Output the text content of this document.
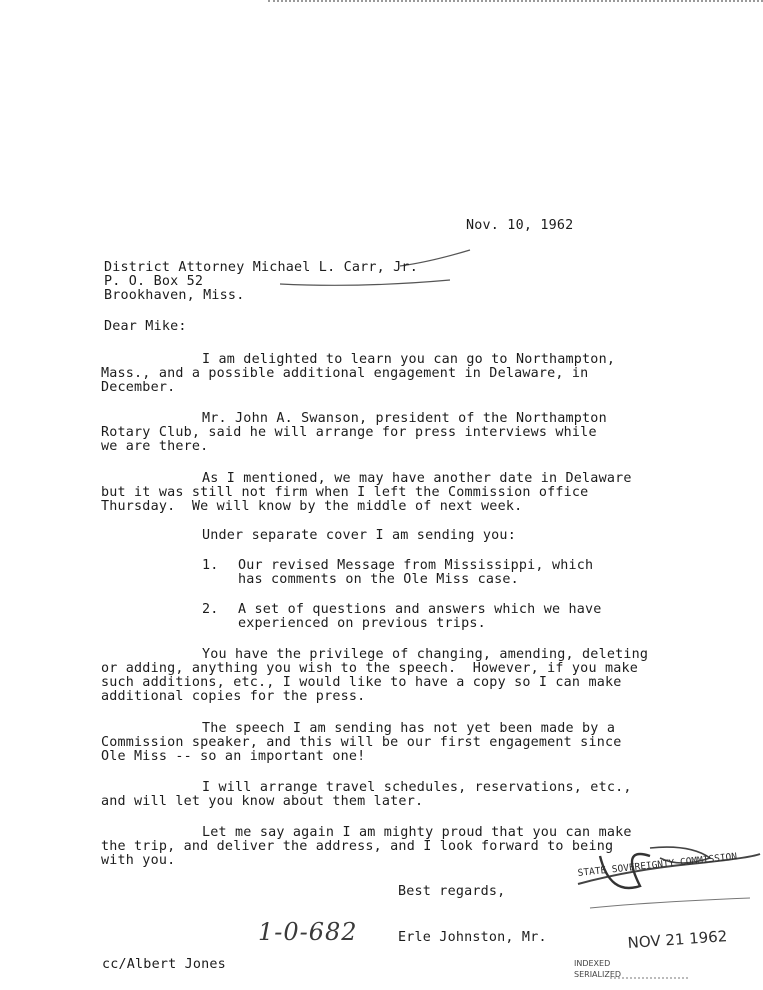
Nov. 10, 1962
District Attorney Michael L. Carr, Jr.
P. O. Box 52
Brookhaven, Miss.
Dear Mike:
I am delighted to learn you can go to Northampton,
Mass., and a possible additional engagement in Delaware, in
December.
Mr. John A. Swanson, president of the Northampton
Rotary Club, said he will arrange for press interviews while
we are there.
As I mentioned, we may have another date in Delaware
but it was still not firm when I left the Commission office
Thursday.  We will know by the middle of next week.
Under separate cover I am sending you:
1. Our revised Message from Mississippi, which
has comments on the Ole Miss case.
2. A set of questions and answers which we have
experienced on previous trips.
You have the privilege of changing, amending, deleting
or adding, anything you wish to the speech.  However, if you make
such additions, etc., I would like to have a copy so I can make
additional copies for the press.
The speech I am sending has not yet been made by a
Commission speaker, and this will be our first engagement since
Ole Miss -- so an important one!
I will arrange travel schedules, reservations, etc.,
and will let you know about them later.
Let me say again I am mighty proud that you can make
the trip, and deliver the address, and I look forward to being
with you.
Best regards,
1-0-682	Erle Johnston, Mr.
cc/Albert Jones
STATE SOVEREIGNTY COMMISSION
NOV 21 1962
INDEXED
SERIALIZED
